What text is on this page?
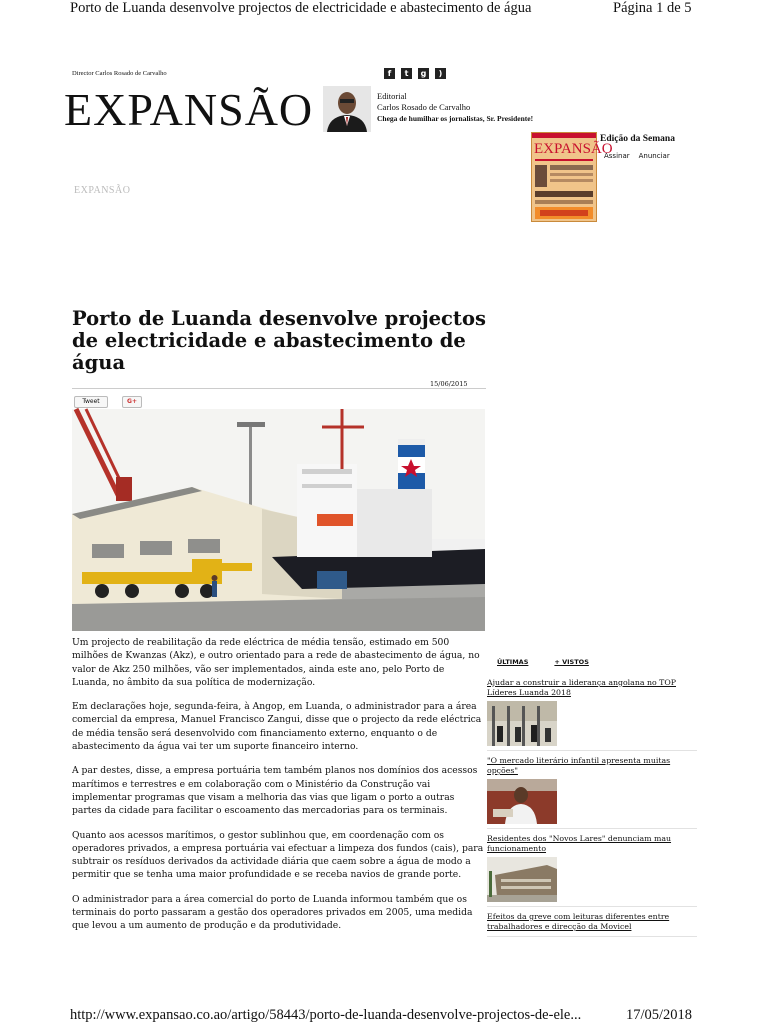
Porto de Luanda desenvolve projectos de electricidade e abastecimento de água	Página 1 de 5
Director Carlos Rosado de Carvalho
EXPANSÃO
f	t	g	)
Editorial
Carlos Rosado de Carvalho
Chega de humilhar os jornalistas, Sr. Presidente!
EXPANSÃO
Edição da Semana
Assinar Anunciar
EXPANSÃO
Porto de Luanda desenvolve projectos de electricidade e abastecimento de água
15/06/2015
Tweet	G+

Um projecto de reabilitação da rede eléctrica de média tensão, estimado em 500 milhões de Kwanzas (Akz), e outro orientado para a rede de abastecimento de água, no valor de Akz 250 milhões, vão ser implementados, ainda este ano, pelo Porto de Luanda, no âmbito da sua política de modernização.

Em declarações hoje, segunda-feira, à Angop, em Luanda, o administrador para a área comercial da empresa, Manuel Francisco Zangui, disse que o projecto da rede eléctrica de média tensão será desenvolvido com financiamento externo, enquanto o de abastecimento da água vai ter um suporte financeiro interno.

A par destes, disse, a empresa portuária tem também planos nos domínios dos acessos marítimos e terrestres e em colaboração com o Ministério da Construção vai implementar programas que visam a melhoria das vias que ligam o porto a outras partes da cidade para facilitar o escoamento das mercadorias para os terminais.

Quanto aos acessos marítimos, o gestor sublinhou que, em coordenação com os operadores privados, a empresa portuária vai efectuar a limpeza dos fundos (cais), para subtrair os resíduos derivados da actividade diária que caem sobre a água de modo a permitir que se tenha uma maior profundidade e se receba navios de grande porte.

O administrador para a área comercial do porto de Luanda informou também que os terminais do porto passaram a gestão dos operadores privados em 2005, uma medida que levou a um aumento de produção e da produtividade.

ÚLTIMAS	+ VISTOS
Ajudar a construir a liderança angolana no TOP Líderes Luanda 2018
"O mercado literário infantil apresenta muitas opções"
Residentes dos "Novos Lares" denunciam mau funcionamento
Efeitos da greve com leituras diferentes entre trabalhadores e direcção da Movicel
http://www.expansao.co.ao/artigo/58443/porto-de-luanda-desenvolve-projectos-de-ele...	17/05/2018
